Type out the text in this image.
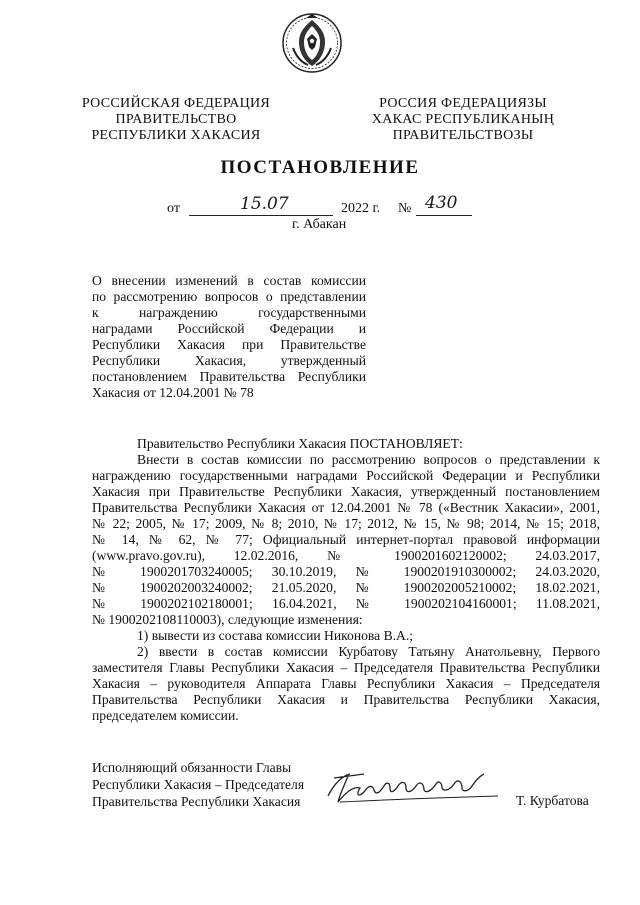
РОССИЙСКАЯ ФЕДЕРАЦИЯ
ПРАВИТЕЛЬСТВО
РЕСПУБЛИКИ ХАКАСИЯ
РОССИЯ ФЕДЕРАЦИЯЗЫ
ХАКАС РЕСПУБЛИКАНЫҢ
ПРАВИТЕЛЬСТВОЗЫ
ПОСТАНОВЛЕНИЕ
от	15.07	2022 г. № 430
г. Абакан
О внесении изменений в состав комиссии
по рассмотрению вопросов о представлении
к награждению государственными
наградами Российской Федерации и
Республики Хакасия при Правительстве
Республики Хакасия, утвержденный
постановлением Правительства Республики
Хакасия от 12.04.2001 № 78
Правительство Республики Хакасия ПОСТАНОВЛЯЕТ:
Внести в состав комиссии по рассмотрению вопросов о представлении к
награждению государственными наградами Российской Федерации и Республики
Хакасия при Правительстве Республики Хакасия, утвержденный постановлением
Правительства Республики Хакасия от 12.04.2001 № 78 («Вестник Хакасии», 2001,
№ 22; 2005, № 17; 2009, № 8; 2010, № 17; 2012, № 15, № 98; 2014, № 15; 2018,
№ 14, № 62, № 77; Официальный интернет-портал правовой информации
(www.pravo.gov.ru), 12.02.2016, № 1900201602120002; 24.03.2017,
№ 1900201703240005; 30.10.2019, № 1900201910300002; 24.03.2020,
№ 1900202003240002; 21.05.2020, № 1900202005210002; 18.02.2021,
№ 1900202102180001; 16.04.2021, № 1900202104160001; 11.08.2021,
№ 1900202108110003), следующие изменения:
1) вывести из состава комиссии Никонова В.А.;
2) ввести в состав комиссии Курбатову Татьяну Анатольевну, Первого
заместителя Главы Республики Хакасия – Председателя Правительства Республики
Хакасия – руководителя Аппарата Главы Республики Хакасия – Председателя
Правительства Республики Хакасия и Правительства Республики Хакасия,
председателем комиссии.
Исполняющий обязанности Главы
Республики Хакасия – Председателя
Правительства Республики Хакасия	Т. Курбатова
